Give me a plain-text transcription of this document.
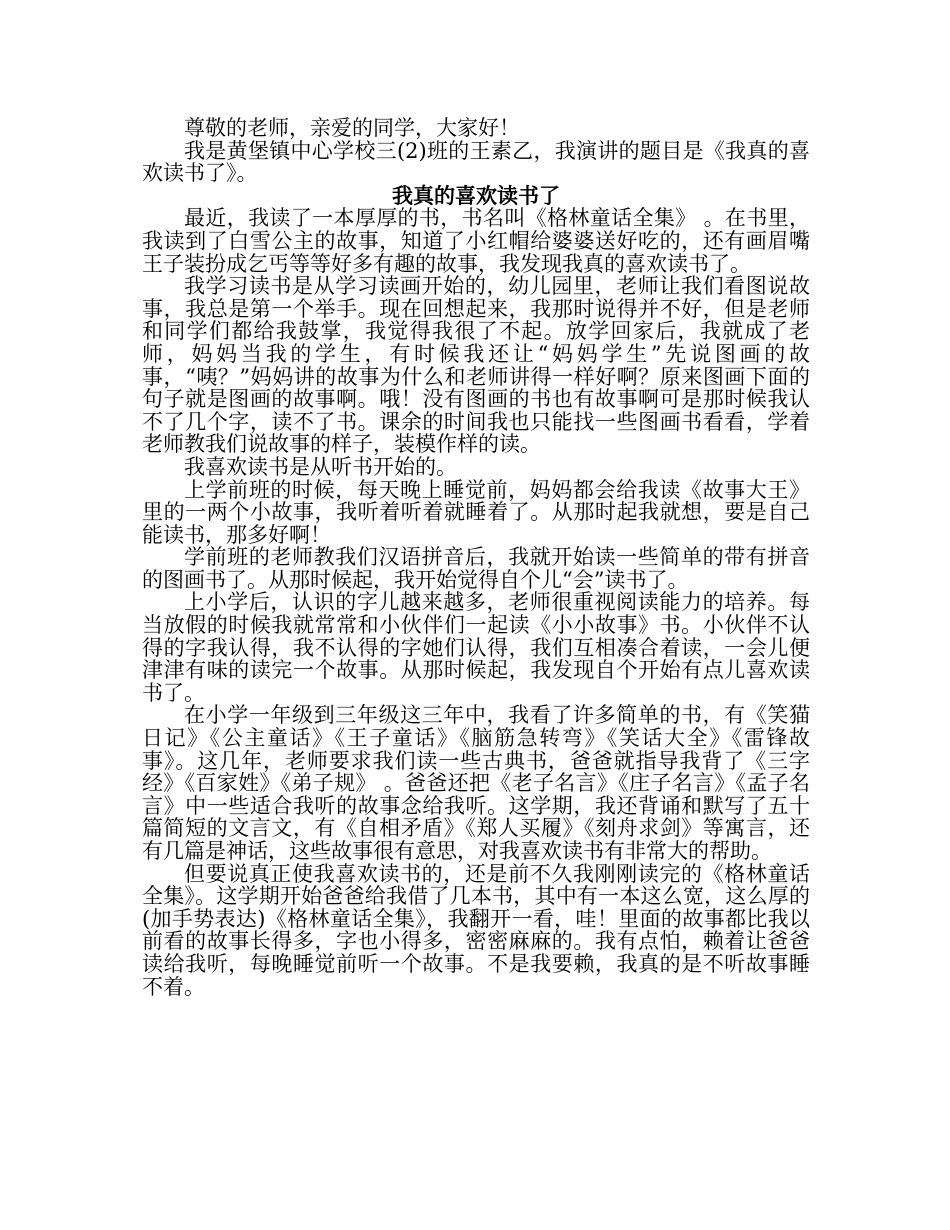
尊敬的老师，亲爱的同学，大家好！

我是黄堡镇中心学校三(2)班的王素乙，我演讲的题目是《我真的喜欢读书了》。

我真的喜欢读书了

最近，我读了一本厚厚的书，书名叫《格林童话全集》 。在书里，我读到了白雪公主的故事，知道了小红帽给婆婆送好吃的，还有画眉嘴王子装扮成乞丐等等好多有趣的故事，我发现我真的喜欢读书了。

我学习读书是从学习读画开始的，幼儿园里，老师让我们看图说故事，我总是第一个举手。现在回想起来，我那时说得并不好，但是老师和同学们都给我鼓掌，我觉得我很了不起。放学回家后，我就成了老师，妈妈当我的学生，有时候我还让“妈妈学生”先说图画的故事，“咦？”妈妈讲的故事为什么和老师讲得一样好啊？原来图画下面的句子就是图画的故事啊。哦！没有图画的书也有故事啊可是那时候我认不了几个字，读不了书。课余的时间我也只能找一些图画书看看，学着老师教我们说故事的样子，装模作样的读。

我喜欢读书是从听书开始的。

上学前班的时候，每天晚上睡觉前，妈妈都会给我读《故事大王》里的一两个小故事，我听着听着就睡着了。从那时起我就想，要是自己能读书，那多好啊！

学前班的老师教我们汉语拼音后，我就开始读一些简单的带有拼音的图画书了。从那时候起，我开始觉得自个儿“会”读书了。

上小学后，认识的字儿越来越多，老师很重视阅读能力的培养。每当放假的时候我就常常和小伙伴们一起读《小小故事》书。小伙伴不认得的字我认得，我不认得的字她们认得，我们互相凑合着读，一会儿便津津有味的读完一个故事。从那时候起，我发现自个开始有点儿喜欢读书了。

在小学一年级到三年级这三年中，我看了许多简单的书，有《笑猫日记》《公主童话》《王子童话》《脑筋急转弯》《笑话大全》《雷锋故事》。这几年，老师要求我们读一些古典书，爸爸就指导我背了《三字经》《百家姓》《弟子规》 。爸爸还把《老子名言》《庄子名言》《孟子名言》中一些适合我听的故事念给我听。这学期，我还背诵和默写了五十篇简短的文言文，有《自相矛盾》《郑人买履》《刻舟求剑》等寓言，还有几篇是神话，这些故事很有意思，对我喜欢读书有非常大的帮助。

但要说真正使我喜欢读书的，还是前不久我刚刚读完的《格林童话全集》。这学期开始爸爸给我借了几本书，其中有一本这么宽，这么厚的(加手势表达)《格林童话全集》，我翻开一看，哇！里面的故事都比我以前看的故事长得多，字也小得多，密密麻麻的。我有点怕，赖着让爸爸读给我听，每晚睡觉前听一个故事。不是我要赖，我真的是不听故事睡不着。
